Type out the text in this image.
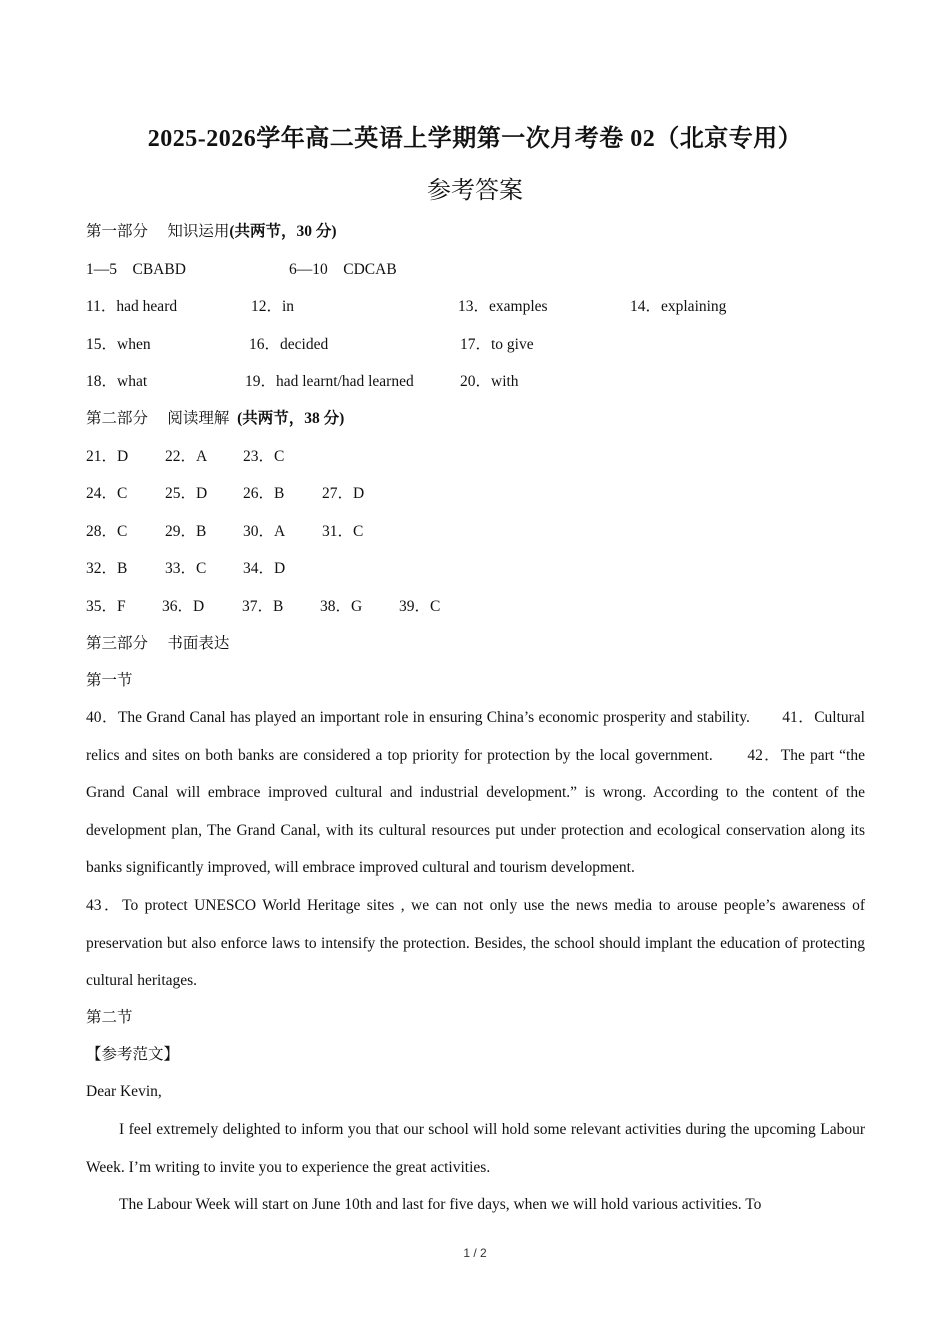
2025-2026学年高二英语上学期第一次月考卷 02（北京专用）
参考答案
第一部分　 知识运用(共两节，30 分)
1—5　CBABD	6—10　CDCAB
11．had heard	12．in	13．examples	14．explaining
15．when	16．decided	17．to give
18．what	19．had learnt/had learned	20．with
第二部分　 阅读理解 (共两节，38 分)
21．D 22．A 23．C
24．C 25．D 26．B 27．D
28．C 29．B 30．A 31．C
32．B 33．C 34．D
35．F 36．D 37．B 38．G 39．C
第三部分　 书面表达
第一节
40．The Grand Canal has played an important role in ensuring China’s economic prosperity and stability.　　41．Cultural relics and sites on both banks are considered a top priority for protection by the local government.　　42．The part “the Grand Canal will embrace improved cultural and industrial development.” is wrong. According to the content of the development plan, The Grand Canal, with its cultural resources put under protection and ecological conservation along its banks significantly improved, will embrace improved cultural and tourism development.
43．To protect UNESCO World Heritage sites , we can not only use the news media to arouse people’s awareness of preservation but also enforce laws to intensify the protection. Besides, the school should implant the education of protecting cultural heritages.
第二节
【参考范文】
Dear Kevin,
I feel extremely delighted to inform you that our school will hold some relevant activities during the upcoming Labour Week. I’m writing to invite you to experience the great activities.
The Labour Week will start on June 10th and last for five days, when we will hold various activities. To
1 / 2
